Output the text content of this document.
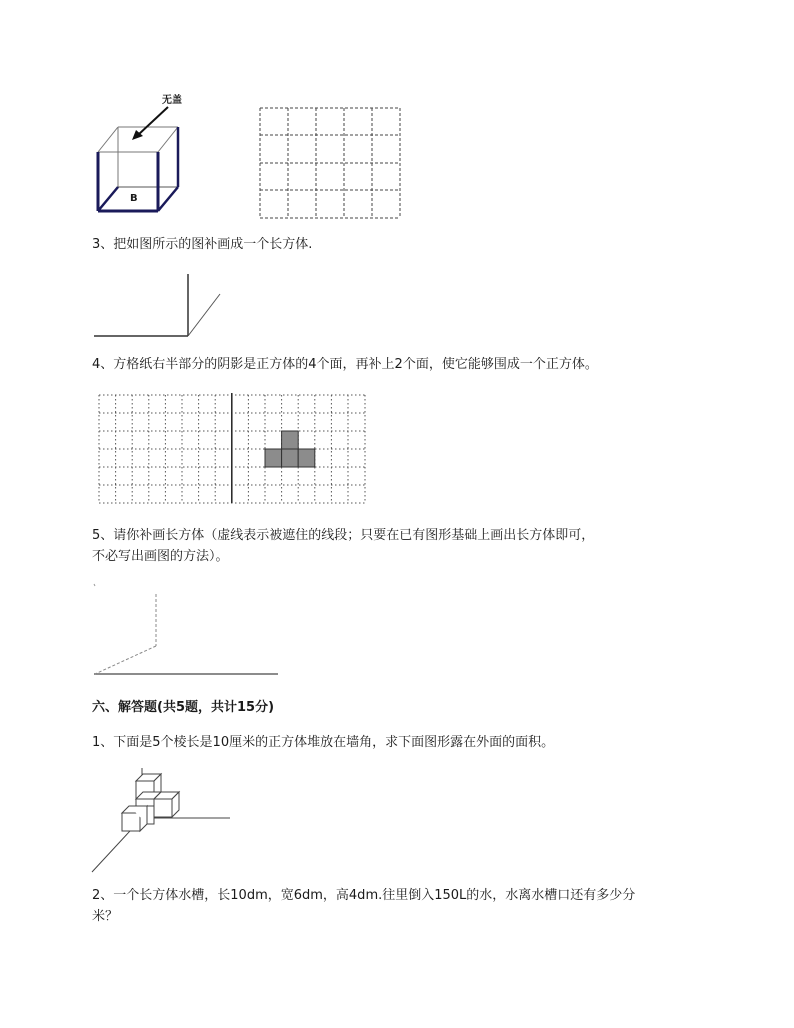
无盖
B
3、把如图所示的图补画成一个长方体.
4、方格纸右半部分的阴影是正方体的4个面，再补上2个面，使它能够围成一个正方体。
5、请你补画长方体（虚线表示被遮住的线段；只要在已有图形基础上画出长方体即可，
不必写出画图的方法）。
六、解答题(共5题，共计15分)
1、下面是5个棱长是10厘米的正方体堆放在墙角，求下面图形露在外面的面积。
2、一个长方体水槽，长10dm，宽6dm，高4dm.往里倒入150L的水，水离水槽口还有多少分
米？
